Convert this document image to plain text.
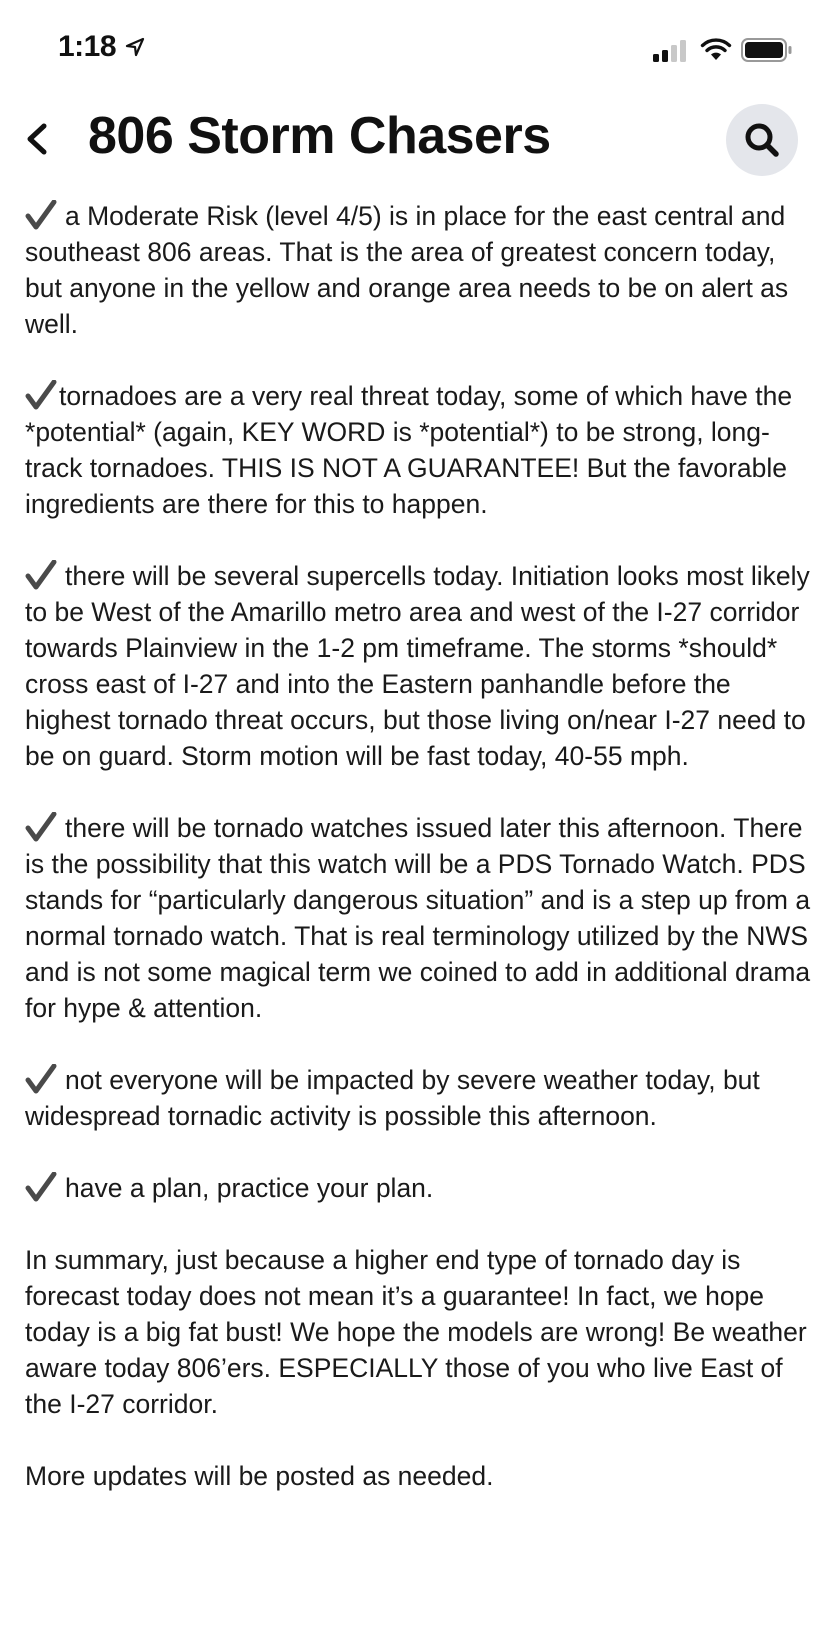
1:18
806 Storm Chasers

a Moderate Risk (level 4/5) is in place for the east central and southeast 806 areas. That is the area of greatest concern today, but anyone in the yellow and orange area needs to be on alert as well.

tornadoes are a very real threat today, some of which have the *potential* (again, KEY WORD is *potential*) to be strong, long-track tornadoes. THIS IS NOT A GUARANTEE! But the favorable ingredients are there for this to happen.

there will be several supercells today. Initiation looks most likely to be West of the Amarillo metro area and west of the I-27 corridor towards Plainview in the 1-2 pm timeframe. The storms *should* cross east of I-27 and into the Eastern panhandle before the highest tornado threat occurs, but those living on/near I-27 need to be on guard. Storm motion will be fast today, 40-55 mph.

there will be tornado watches issued later this afternoon. There is the possibility that this watch will be a PDS Tornado Watch. PDS stands for “particularly dangerous situation” and is a step up from a normal tornado watch. That is real terminology utilized by the NWS and is not some magical term we coined to add in additional drama for hype & attention.

not everyone will be impacted by severe weather today, but widespread tornadic activity is possible this afternoon.

have a plan, practice your plan.

In summary, just because a higher end type of tornado day is forecast today does not mean it’s a guarantee! In fact, we hope today is a big fat bust! We hope the models are wrong! Be weather aware today 806’ers. ESPECIALLY those of you who live East of the I-27 corridor.

More updates will be posted as needed.
